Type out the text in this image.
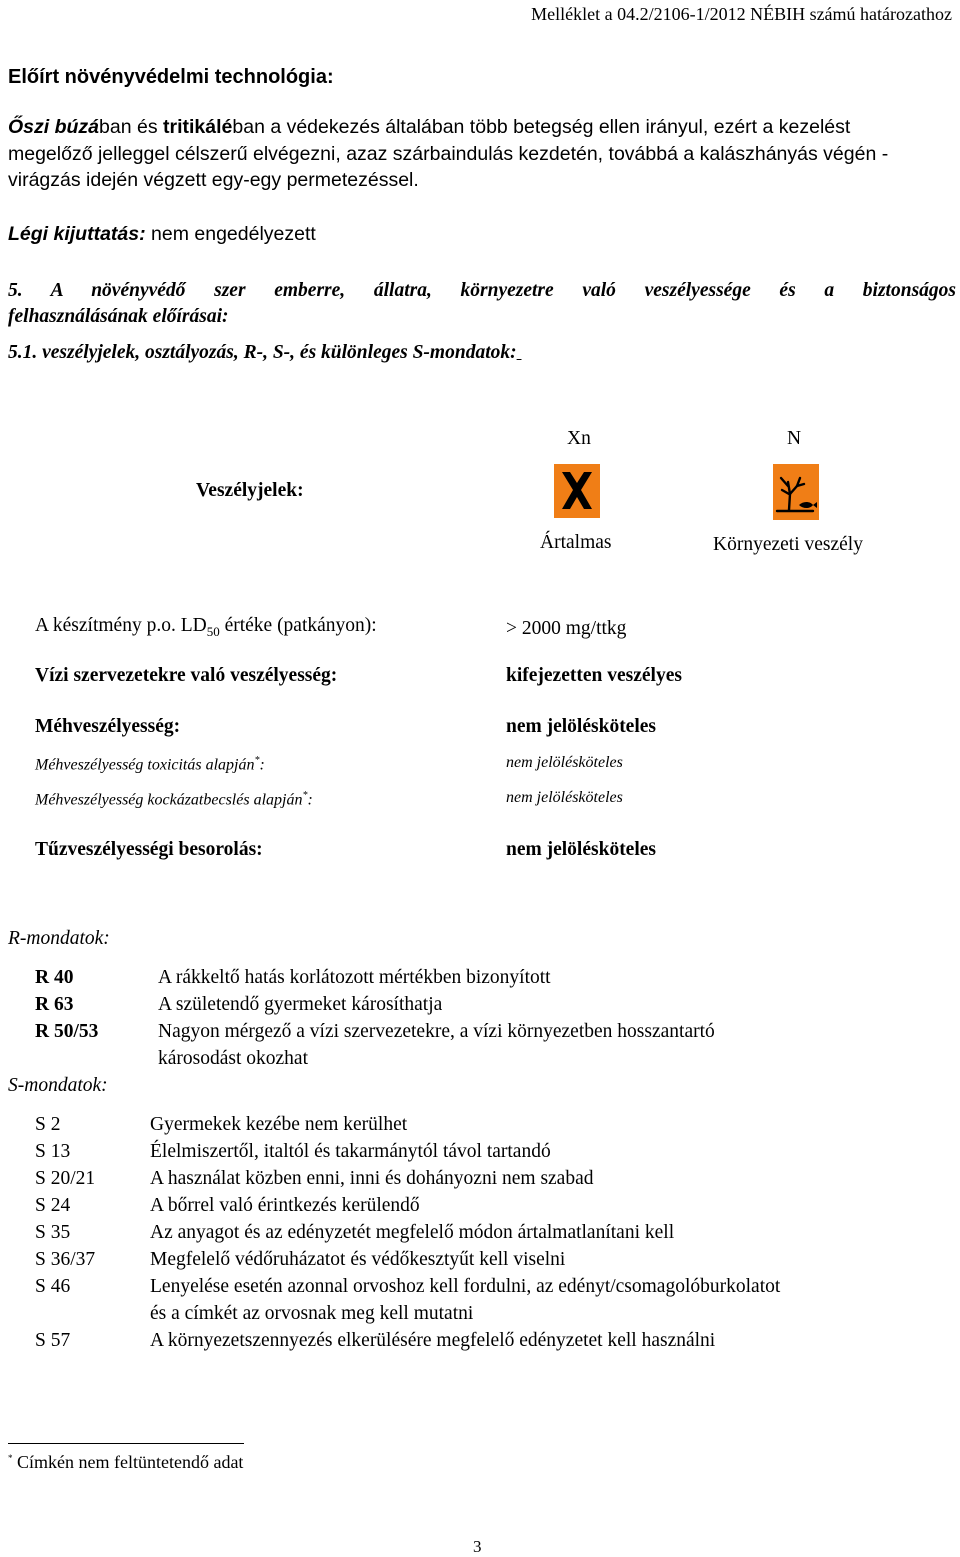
Melléklet a 04.2/2106-1/2012 NÉBIH számú határozathoz
Előírt növényvédelmi technológia:
Őszi búzában és tritikáléban a védekezés általában több betegség ellen irányul, ezért a kezelést
megelőző jelleggel célszerű elvégezni, azaz szárbaindulás kezdetén, továbbá a kalászhányás végén -
virágzás idején végzett egy-egy permetezéssel.
Légi kijuttatás: nem engedélyezett
5. A növényvédő szer emberre, állatra, környezetre való veszélyessége és a biztonságos
felhasználásának előírásai:
5.1. veszélyjelek, osztályozás, R-, S-, és különleges S-mondatok:
Veszélyjelek:
Xn	N
Ártalmas	Környezeti veszély
A készítmény p.o. $LD_{50}$ értéke (patkányon):	> 2000 mg/ttkg
Vízi szervezetekre való veszélyesség:	kifejezetten veszélyes
Méhveszélyesség:	nem jelölésköteles
Méhveszélyesség toxicitás alapján*:	nem jelölésköteles
Méhveszélyesség kockázatbecslés alapján*:	nem jelölésköteles
Tűzveszélyességi besorolás:	nem jelölésköteles
R-mondatok:
R 40	A rákkeltő hatás korlátozott mértékben bizonyított
R 63	A születendő gyermeket károsíthatja
R 50/53	Nagyon mérgező a vízi szervezetekre, a vízi környezetben hosszantartó
károsodást okozhat
S-mondatok:
S 2	Gyermekek kezébe nem kerülhet
S 13	Élelmiszertől, italtól és takarmánytól távol tartandó
S 20/21	A használat közben enni, inni és dohányozni nem szabad
S 24	A bőrrel való érintkezés kerülendő
S 35	Az anyagot és az edényzetét megfelelő módon ártalmatlanítani kell
S 36/37	Megfelelő védőruházatot és védőkesztyűt kell viselni
S 46	Lenyelése esetén azonnal orvoshoz kell fordulni, az edényt/csomagolóburkolatot
és a címkét az orvosnak meg kell mutatni
S 57	A környezetszennyezés elkerülésére megfelelő edényzetet kell használni
* Címkén nem feltüntetendő adat
3
